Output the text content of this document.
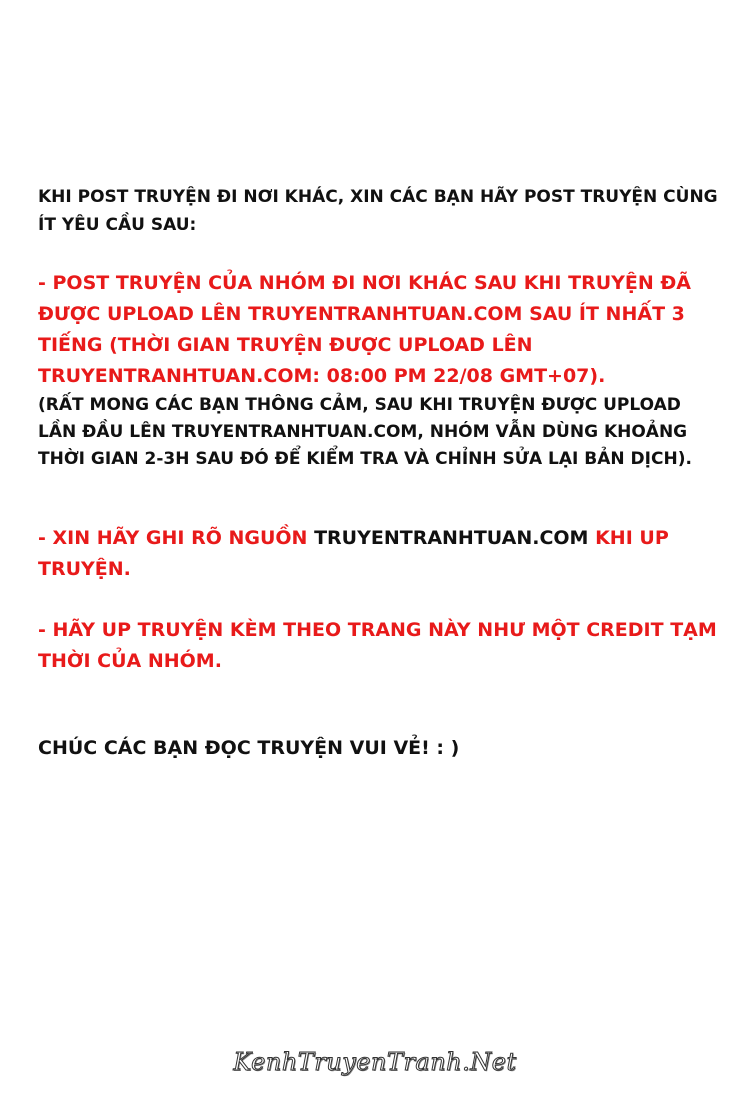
KHI POST TRUYỆN ĐI NƠI KHÁC, XIN CÁC BẠN HÃY POST TRUYỆN CÙNG ÍT YÊU CẦU SAU:
- POST TRUYỆN CỦA NHÓM ĐI NƠI KHÁC SAU KHI TRUYỆN ĐÃ ĐƯỢC UPLOAD LÊN TRUYENTRANHTUAN.COM SAU ÍT NHẤT 3 TIẾNG (THỜI GIAN TRUYỆN ĐƯỢC UPLOAD LÊN TRUYENTRANHTUAN.COM: 08:00 PM 22/08 GMT+07).
(RẤT MONG CÁC BẠN THÔNG CẢM, SAU KHI TRUYỆN ĐƯỢC UPLOAD LẦN ĐẦU LÊN TRUYENTRANHTUAN.COM, NHÓM VẪN DÙNG KHOẢNG THỜI GIAN 2-3H SAU ĐÓ ĐỂ KIỂM TRA VÀ CHỈNH SỬA LẠI BẢN DỊCH).
- XIN HÃY GHI RÕ NGUỒN TRUYENTRANHTUAN.COM KHI UP TRUYỆN.
- HÃY UP TRUYỆN KÈM THEO TRANG NÀY NHƯ MỘT CREDIT TẠM THỜI CỦA NHÓM.
CHÚC CÁC BẠN ĐỌC TRUYỆN VUI VẺ! : )
KenhTruyenTranh.Net
